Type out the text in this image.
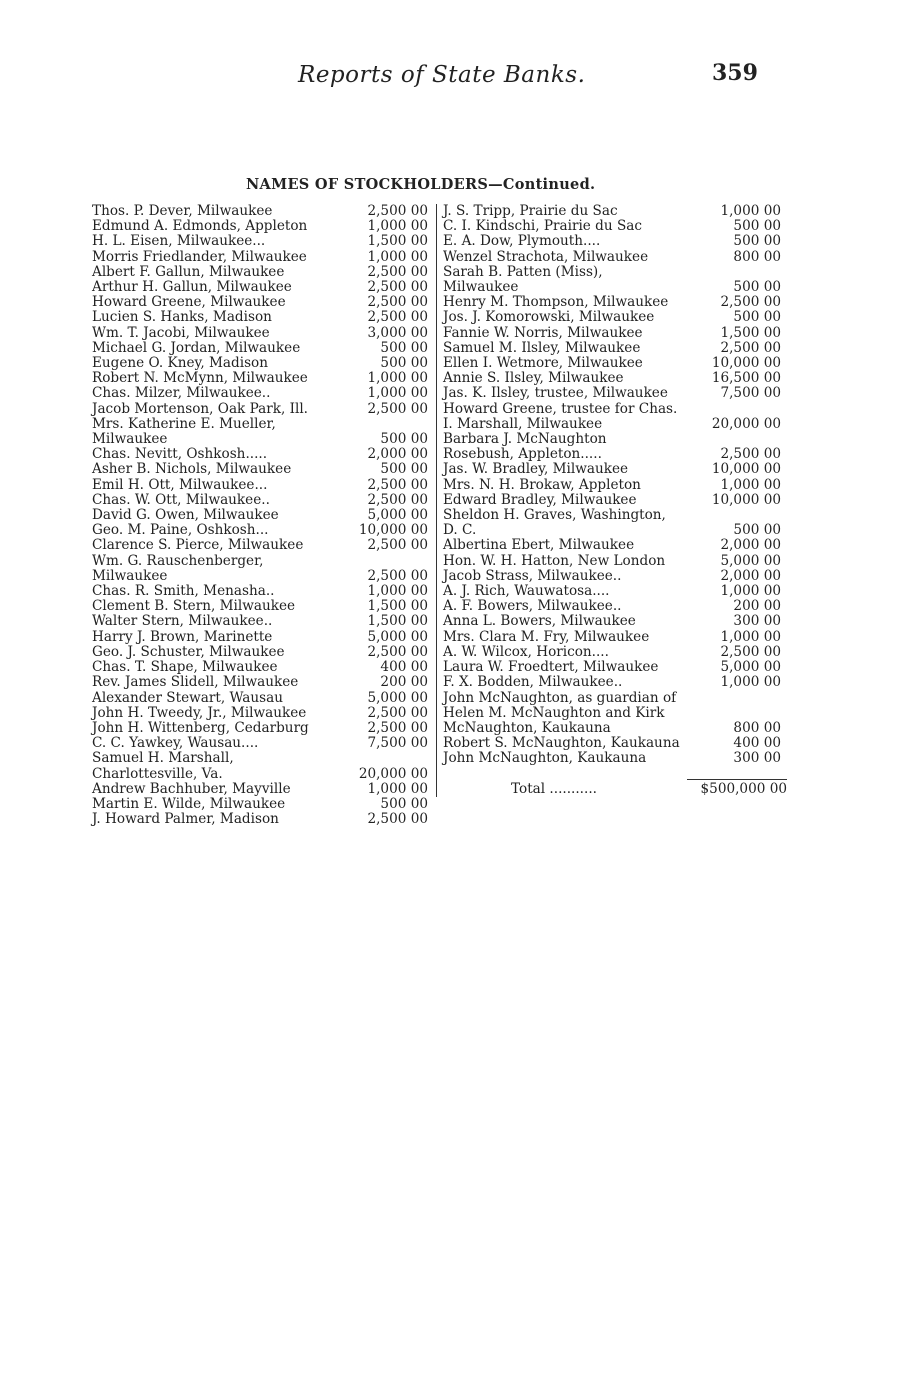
Reports of State Banks.	359
NAMES OF STOCKHOLDERS—Continued.
Thos. P. Dever, Milwaukee	2,500 00
Edmund A. Edmonds, Appleton	1,000 00
H. L. Eisen, Milwaukee...	1,500 00
Morris Friedlander, Milwaukee	1,000 00
Albert F. Gallun, Milwaukee	2,500 00
Arthur H. Gallun, Milwaukee	2,500 00
Howard Greene, Milwaukee	2,500 00
Lucien S. Hanks, Madison	2,500 00
Wm. T. Jacobi, Milwaukee	3,000 00
Michael G. Jordan, Milwaukee	500 00
Eugene O. Kney, Madison	500 00
Robert N. McMynn, Milwaukee	1,000 00
Chas. Milzer, Milwaukee..	1,000 00
Jacob Mortenson, Oak Park, Ill.	2,500 00
Mrs. Katherine E. Mueller, Milwaukee	500 00
Chas. Nevitt, Oshkosh.....	2,000 00
Asher B. Nichols, Milwaukee	500 00
Emil H. Ott, Milwaukee...	2,500 00
Chas. W. Ott, Milwaukee..	2,500 00
David G. Owen, Milwaukee	5,000 00
Geo. M. Paine, Oshkosh...	10,000 00
Clarence S. Pierce, Milwaukee	2,500 00
Wm. G. Rauschenberger, Milwaukee	2,500 00
Chas. R. Smith, Menasha..	1,000 00
Clement B. Stern, Milwaukee	1,500 00
Walter Stern, Milwaukee..	1,500 00
Harry J. Brown, Marinette	5,000 00
Geo. J. Schuster, Milwaukee	2,500 00
Chas. T. Shape, Milwaukee	400 00
Rev. James Slidell, Milwaukee	200 00
Alexander Stewart, Wausau	5,000 00
John H. Tweedy, Jr., Milwaukee	2,500 00
John H. Wittenberg, Cedarburg	2,500 00
C. C. Yawkey, Wausau....	7,500 00
Samuel H. Marshall, Charlottesville, Va.	20,000 00
Andrew Bachhuber, Mayville	1,000 00
Martin E. Wilde, Milwaukee	500 00
J. Howard Palmer, Madison	2,500 00
J. S. Tripp, Prairie du Sac	1,000 00
C. I. Kindschi, Prairie du Sac	500 00
E. A. Dow, Plymouth....	500 00
Wenzel Strachota, Milwaukee	800 00
Sarah B. Patten (Miss), Milwaukee	500 00
Henry M. Thompson, Milwaukee	2,500 00
Jos. J. Komorowski, Milwaukee	500 00
Fannie W. Norris, Milwaukee	1,500 00
Samuel M. Ilsley, Milwaukee	2,500 00
Ellen I. Wetmore, Milwaukee	10,000 00
Annie S. Ilsley, Milwaukee	16,500 00
Jas. K. Ilsley, trustee, Milwaukee	7,500 00
Howard Greene, trustee for Chas. I. Marshall, Milwaukee	20,000 00
Barbara J. McNaughton Rosebush, Appleton.....	2,500 00
Jas. W. Bradley, Milwaukee	10,000 00
Mrs. N. H. Brokaw, Appleton	1,000 00
Edward Bradley, Milwaukee	10,000 00
Sheldon H. Graves, Washington, D. C.	500 00
Albertina Ebert, Milwaukee	2,000 00
Hon. W. H. Hatton, New London	5,000 00
Jacob Strass, Milwaukee..	2,000 00
A. J. Rich, Wauwatosa....	1,000 00
A. F. Bowers, Milwaukee..	200 00
Anna L. Bowers, Milwaukee	300 00
Mrs. Clara M. Fry, Milwaukee	1,000 00
A. W. Wilcox, Horicon....	2,500 00
Laura W. Froedtert, Milwaukee	5,000 00
F. X. Bodden, Milwaukee..	1,000 00
John McNaughton, as guardian of Helen M. McNaughton and Kirk McNaughton, Kaukauna	800 00
Robert S. McNaughton, Kaukauna	400 00
John McNaughton, Kaukauna	300 00
Total ...........	$500,000 00
